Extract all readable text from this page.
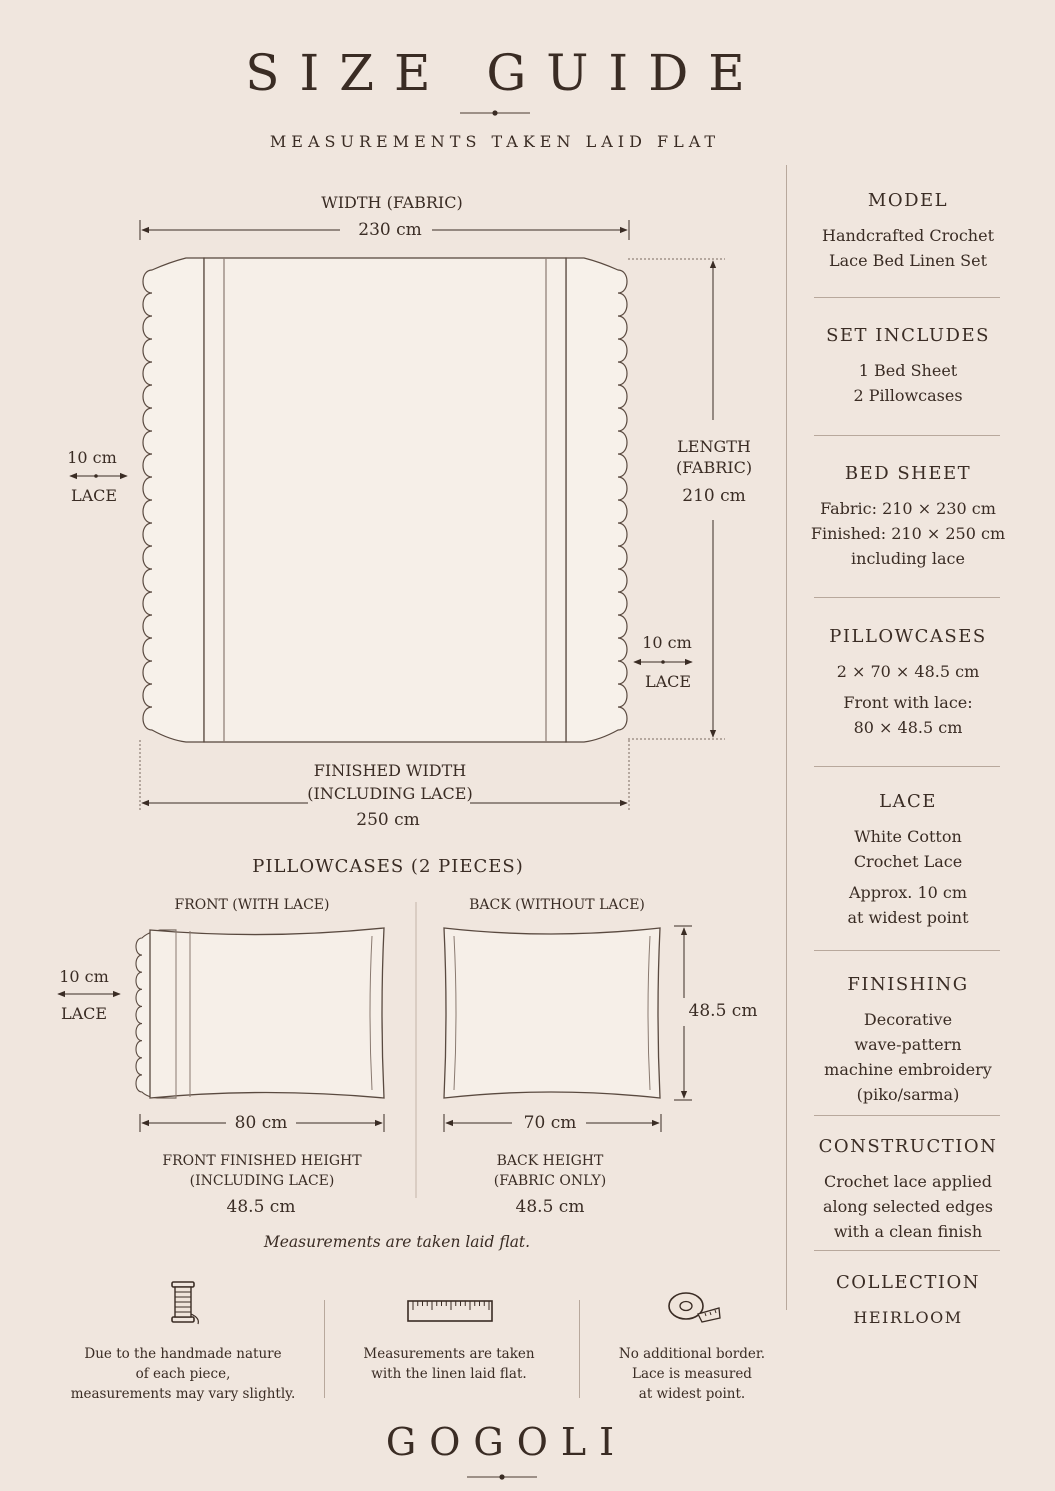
SIZE GUIDE
MEASUREMENTS TAKEN LAID FLAT
WIDTH (FABRIC)
230 cm
LENGTH
(FABRIC)
210 cm
10 cm
LACE
10 cm
LACE
FINISHED WIDTH
(INCLUDING LACE)
250 cm
PILLOWCASES (2 PIECES)
FRONT (WITH LACE)	BACK (WITHOUT LACE)
10 cm
LACE
80 cm	70 cm
48.5 cm
FRONT FINISHED HEIGHT
(INCLUDING LACE)
48.5 cm
BACK HEIGHT
(FABRIC ONLY)
48.5 cm
Measurements are taken laid flat.
MODEL
Handcrafted Crochet
Lace Bed Linen Set
SET INCLUDES
1 Bed Sheet
2 Pillowcases
BED SHEET
Fabric: 210 × 230 cm
Finished: 210 × 250 cm
including lace
PILLOWCASES
2 × 70 × 48.5 cm
Front with lace:
80 × 48.5 cm
LACE
White Cotton
Crochet Lace
Approx. 10 cm
at widest point
FINISHING
Decorative
wave-pattern
machine embroidery
(piko/sarma)
CONSTRUCTION
Crochet lace applied
along selected edges
with a clean finish
COLLECTION
HEIRLOOM
Due to the handmade nature
of each piece,
measurements may vary slightly.
Measurements are taken
with the linen laid flat.
No additional border.
Lace is measured
at widest point.
GOGOLI
